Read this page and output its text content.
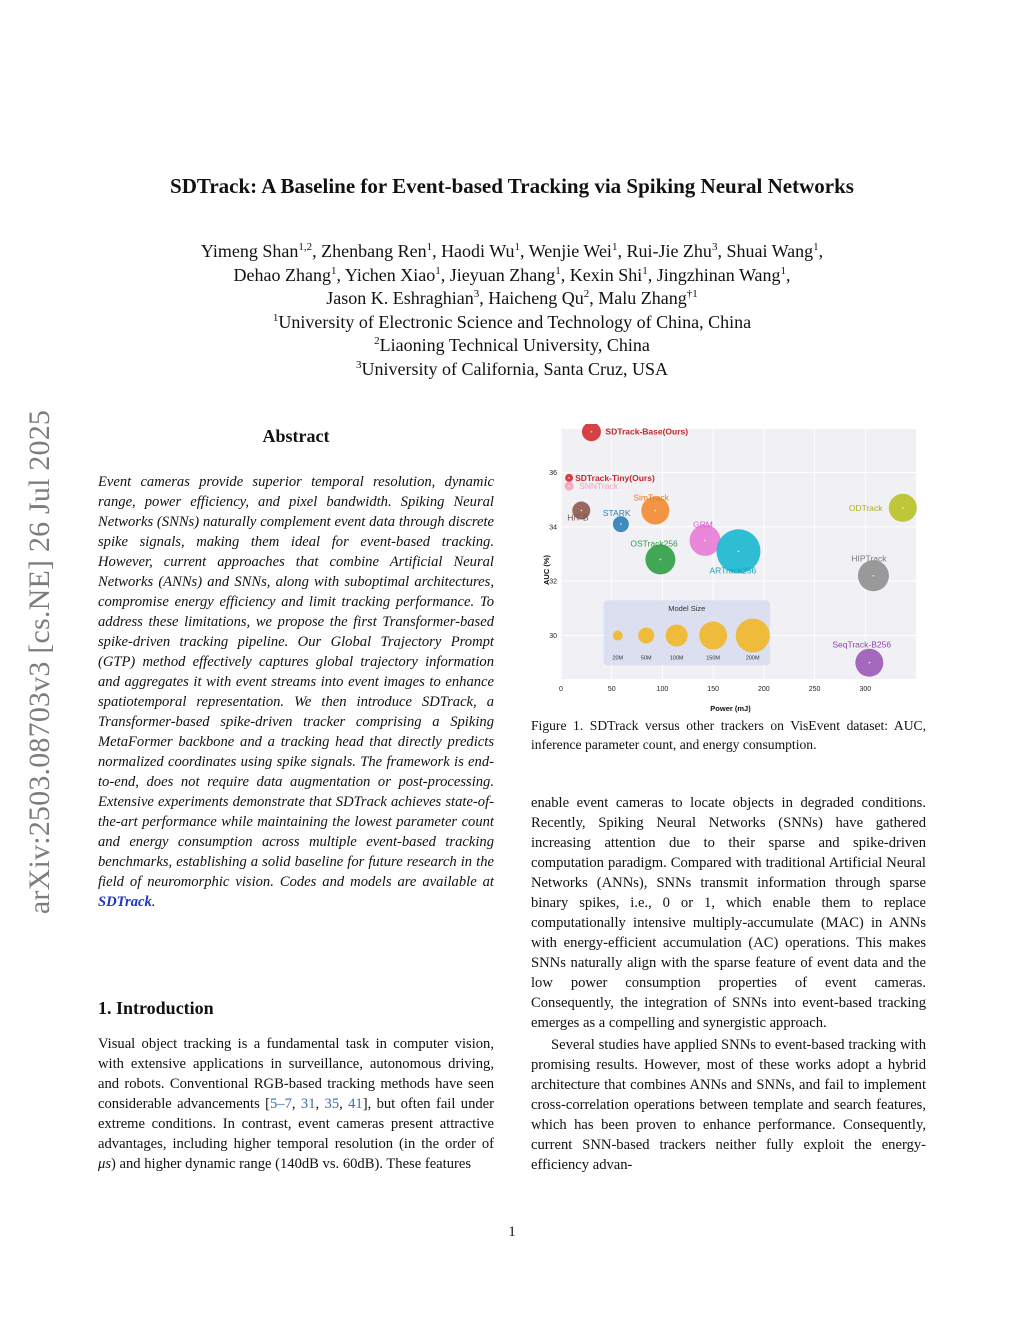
SDTrack: A Baseline for Event-based Tracking via Spiking Neural Networks
Yimeng Shan$^{1,2}$, Zhenbang Ren$^1$, Haodi Wu$^1$, Wenjie Wei$^1$, Rui-Jie Zhu$^3$, Shuai Wang$^1$,
Dehao Zhang$^1$, Yichen Xiao$^1$, Jieyuan Zhang$^1$, Kexin Shi$^1$, Jingzhinan Wang$^1$,
Jason K. Eshraghian$^3$, Haicheng Qu$^2$, Malu Zhang$^{\dagger 1}$
$^1$University of Electronic Science and Technology of China, China
$^2$Liaoning Technical University, China
$^3$University of California, Santa Cruz, USA
arXiv:2503.08703v3 [cs.NE] 26 Jul 2025	Abstract
Event cameras provide superior temporal resolution, dynamic range, power efficiency, and pixel bandwidth. Spiking Neural Networks (SNNs) naturally complement event data through discrete spike signals, making them ideal for event-based tracking. However, current approaches that combine Artificial Neural Networks (ANNs) and SNNs, along with suboptimal architectures, compromise energy efficiency and limit tracking performance. To address these limitations, we propose the first Transformer-based spike-driven tracking pipeline. Our Global Trajectory Prompt (GTP) method effectively captures global trajectory information and aggregates it with event streams into event images to enhance spatiotemporal representation. We then introduce SDTrack, a Transformer-based spike-driven tracker comprising a Spiking MetaFormer backbone and a tracking head that directly predicts normalized coordinates using spike signals. The framework is end-to-end, does not require data augmentation or post-processing. Extensive experiments demonstrate that SDTrack achieves state-of-the-art performance while maintaining the lowest parameter count and energy consumption across multiple event-based tracking benchmarks, establishing a solid baseline for future research in the field of neuromorphic vision. Codes and models are available at SDTrack.
1. Introduction
Visual object tracking is a fundamental task in computer vision, with extensive applications in surveillance, autonomous driving, and robots. Conventional RGB-based tracking methods have seen considerable advancements [5–7, 31, 35, 41], but often fail under extreme conditions. In contrast, event cameras present attractive advantages, including higher temporal resolution (in the order of μs) and higher dynamic range (140dB vs. 60dB). These features
0	50	100	150	200	250	300
30
32
34
36
Power (mJ)
AUC (%)
Model Size
20M	50M	100M	150M	200M
SDTrack-Base(Ours)
SDTrack-Tiny(Ours)
SNNTrack
SimTrack
STARK
HiT-B
GRM
OSTrack256
ARTrack256
ODTrack
HIPTrack
SeqTrack-B256
Figure 1. SDTrack versus other trackers on VisEvent dataset: AUC, inference parameter count, and energy consumption.

enable event cameras to locate objects in degraded conditions. Recently, Spiking Neural Networks (SNNs) have gathered increasing attention due to their sparse and spike-driven computation paradigm. Compared with traditional Artificial Neural Networks (ANNs), SNNs transmit information through sparse binary spikes, i.e., 0 or 1, which enable them to replace computationally intensive multiply-accumulate (MAC) in ANNs with energy-efficient accumulation (AC) operations. This makes SNNs naturally align with the sparse feature of event data and the low power consumption properties of event cameras. Consequently, the integration of SNNs into event-based tracking emerges as a compelling and synergistic approach.

Several studies have applied SNNs to event-based tracking with promising results. However, most of these works adopt a hybrid architecture that combines ANNs and SNNs, and fail to implement cross-correlation operations between template and search features, which has been proven to enhance performance. Consequently, current SNN-based trackers neither fully exploit the energy-efficiency advan-

1
